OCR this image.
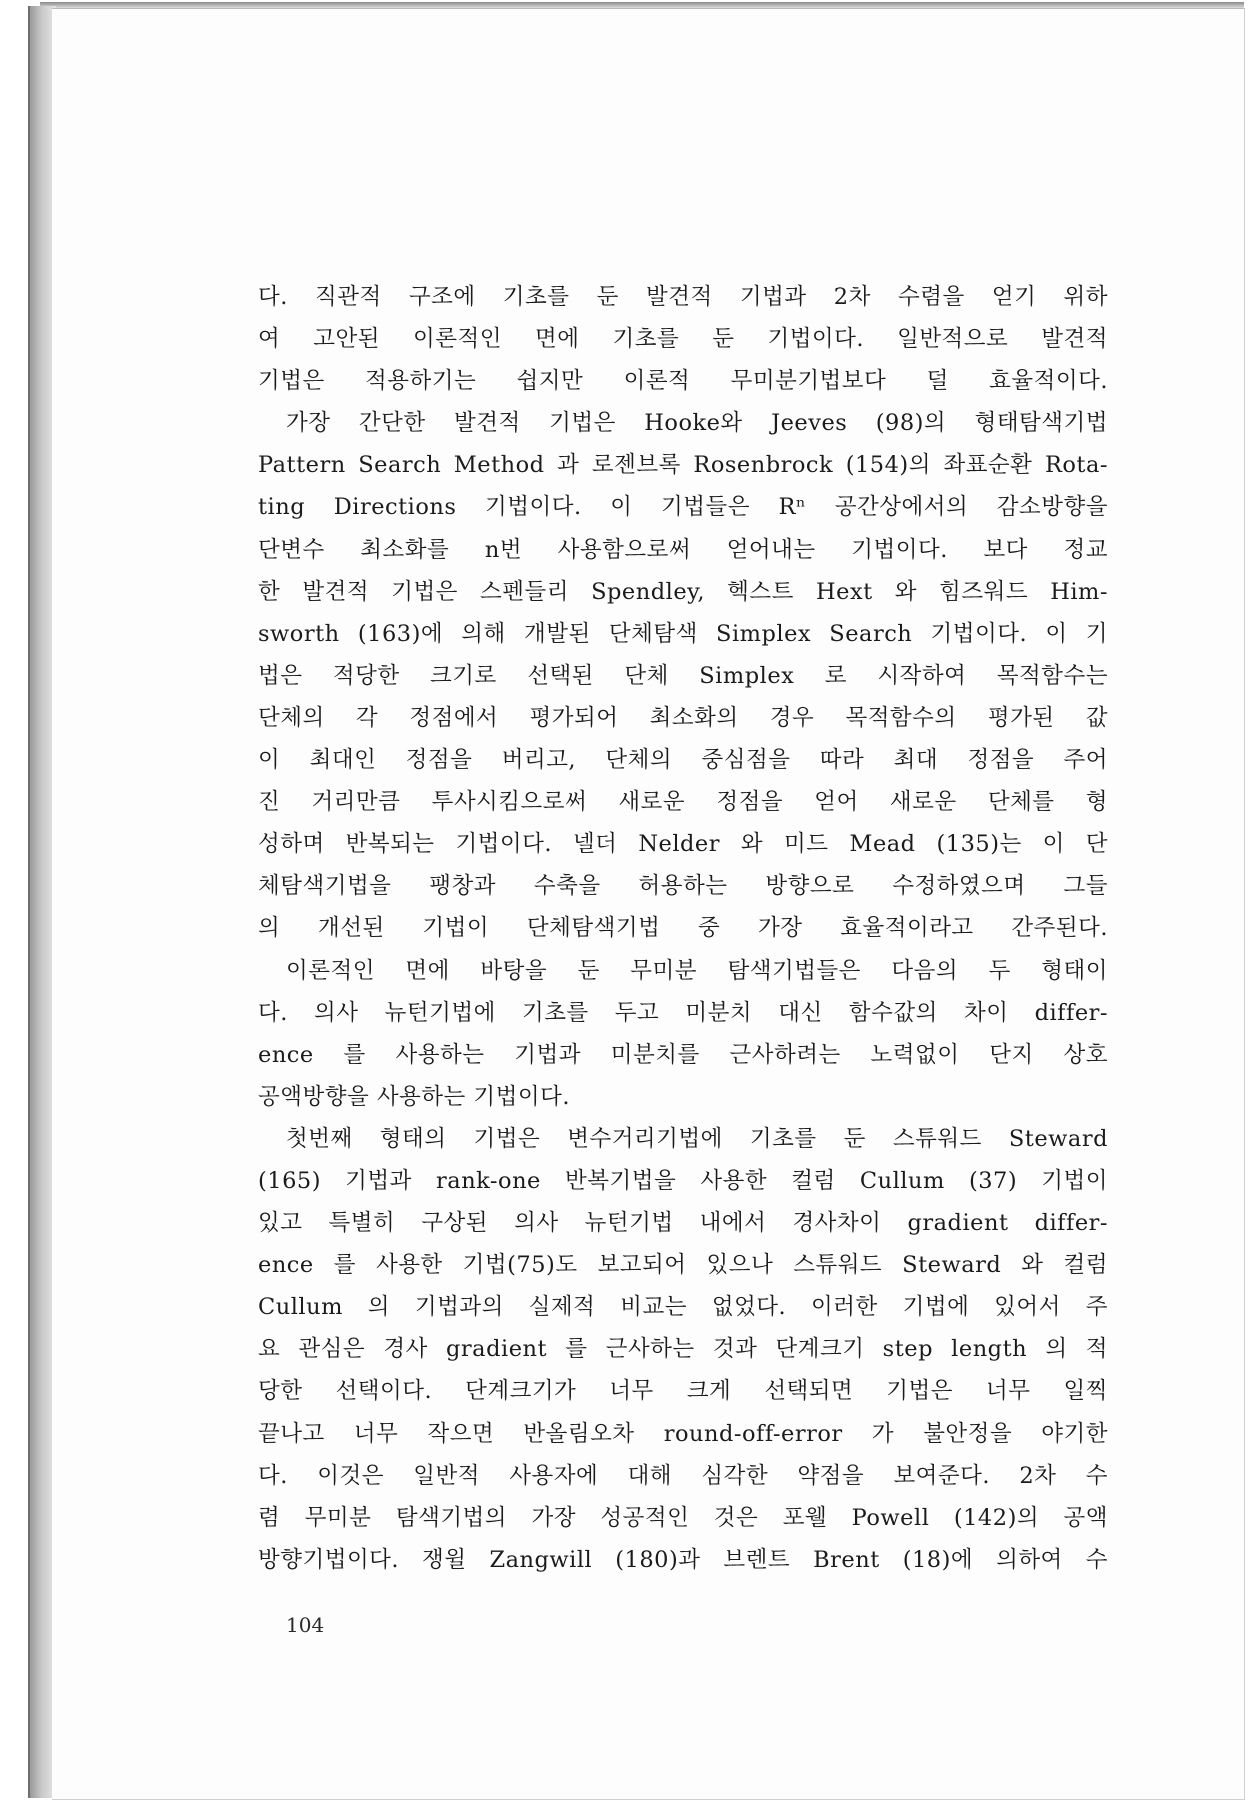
다. 직관적 구조에 기초를 둔 발견적 기법과 2차 수렴을 얻기 위하
여 고안된 이론적인 면에 기초를 둔 기법이다. 일반적으로 발견적
기법은 적용하기는 쉽지만 이론적 무미분기법보다 덜 효율적이다.
가장 간단한 발견적 기법은 Hooke와 Jeeves (98)의 형태탐색기법
Pattern Search Method 과 로젠브록 Rosenbrock (154)의 좌표순환 Rota-
ting Directions 기법이다. 이 기법들은 Rⁿ 공간상에서의 감소방향을
단변수 최소화를 n번 사용함으로써 얻어내는 기법이다. 보다 정교
한 발견적 기법은 스펜들리 Spendley, 헥스트 Hext 와 힘즈워드 Him-
sworth (163)에 의해 개발된 단체탐색 Simplex Search 기법이다. 이 기
법은 적당한 크기로 선택된 단체 Simplex 로 시작하여 목적함수는
단체의 각 정점에서 평가되어 최소화의 경우 목적함수의 평가된 값
이 최대인 정점을 버리고, 단체의 중심점을 따라 최대 정점을 주어
진 거리만큼 투사시킴으로써 새로운 정점을 얻어 새로운 단체를 형
성하며 반복되는 기법이다. 넬더 Nelder 와 미드 Mead (135)는 이 단
체탐색기법을 팽창과 수축을 허용하는 방향으로 수정하였으며 그들
의 개선된 기법이 단체탐색기법 중 가장 효율적이라고 간주된다.
이론적인 면에 바탕을 둔 무미분 탐색기법들은 다음의 두 형태이
다. 의사 뉴턴기법에 기초를 두고 미분치 대신 함수값의 차이 differ-
ence 를 사용하는 기법과 미분치를 근사하려는 노력없이 단지 상호
공액방향을 사용하는 기법이다.
첫번째 형태의 기법은 변수거리기법에 기초를 둔 스튜워드 Steward
(165) 기법과 rank-one 반복기법을 사용한 컬럼 Cullum (37) 기법이
있고 특별히 구상된 의사 뉴턴기법 내에서 경사차이 gradient differ-
ence 를 사용한 기법(75)도 보고되어 있으나 스튜워드 Steward 와 컬럼
Cullum 의 기법과의 실제적 비교는 없었다. 이러한 기법에 있어서 주
요 관심은 경사 gradient 를 근사하는 것과 단계크기 step length 의 적
당한 선택이다. 단계크기가 너무 크게 선택되면 기법은 너무 일찍
끝나고 너무 작으면 반올림오차 round-off-error 가 불안정을 야기한
다. 이것은 일반적 사용자에 대해 심각한 약점을 보여준다. 2차 수
렴 무미분 탐색기법의 가장 성공적인 것은 포웰 Powell (142)의 공액
방향기법이다. 쟁윌 Zangwill (180)과 브렌트 Brent (18)에 의하여 수
104
